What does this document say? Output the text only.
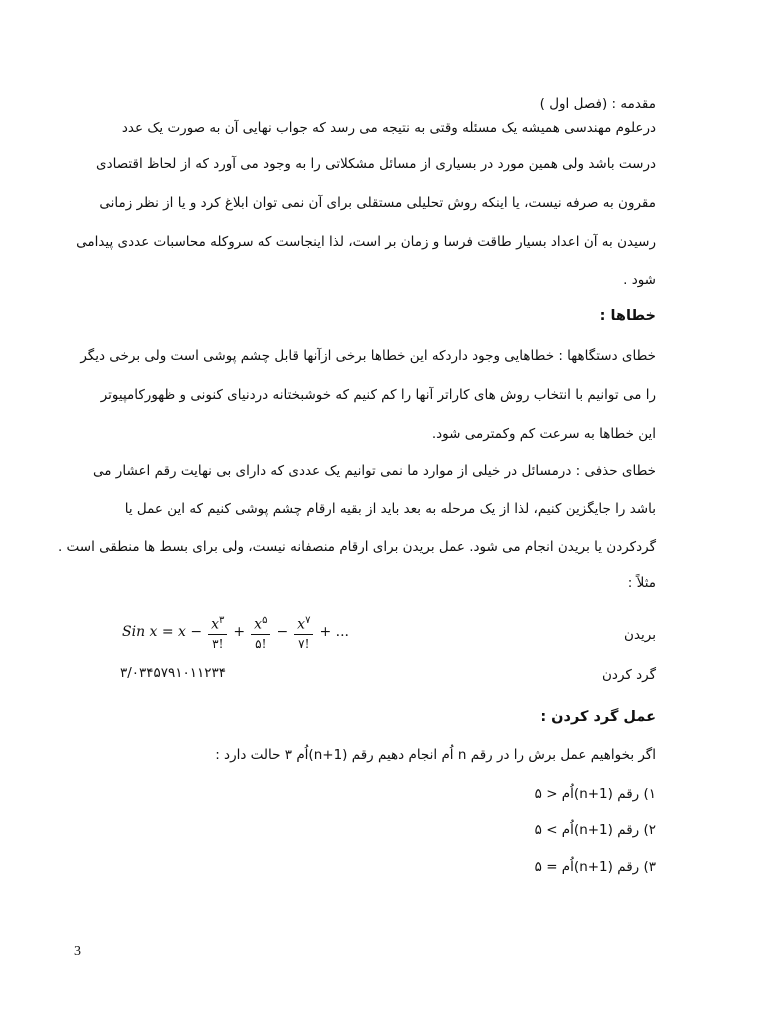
مقدمه : (فصل اول )
درعلوم مهندسی همیشه یک مسئله وقتی به نتیجه می رسد که جواب نهایی آن به صورت یک عدد
درست باشد ولی همین مورد در بسیاری از مسائل مشکلاتی را به وجود می آورد که از لحاظ اقتصادی
مقرون به صرفه نیست، یا اینکه روش تحلیلی مستقلی برای آن نمی توان ابلاغ کرد و یا از نظر زمانی
رسیدن به آن اعداد بسیار طاقت فرسا و زمان بر است، لذا اینجاست که سروکله محاسبات عددی پیدامی
شود .
خطاها :
خطای دستگاهها : خطاهایی وجود داردکه این خطاها برخی ازآنها قابل چشم پوشی است ولی برخی دیگر
را می توانیم با انتخاب روش های کاراتر آنها را کم کنیم که خوشبختانه دردنیای کنونی و ظهورکامپیوتر
این خطاها به سرعت کم وکمترمی شود.
خطای حذفی : درمسائل در خیلی از موارد ما نمی توانیم یک عددی که دارای بی نهایت رقم اعشار می
باشد را جایگزین کنیم، لذا از یک مرحله به بعد باید از بقیه ارقام چشم پوشی کنیم که این عمل یا
گردکردن یا بریدن انجام می شود. عمل بریدن برای ارقام منصفانه نیست، ولی برای بسط ها منطقی است .
مثلاً :
Sin $x = x - \frac{x^۳}{۳!} + \frac{x^۵}{۵!} - \frac{x^۷}{۷!}$ + ...	بریدن
۳/۰۳۴۵۷۹۱۰۱۱۲۳۴	گرد کردن
عمل گرد کردن :
اگر بخواهیم عمل برش را در رقم n اُم انجام دهیم رقم (n+1)اُم ۳ حالت دارد :
۱) رقم (n+1)اُم < ۵
۲) رقم (n+1)اُم > ۵
۳) رقم (n+1)اُم = ۵
3
